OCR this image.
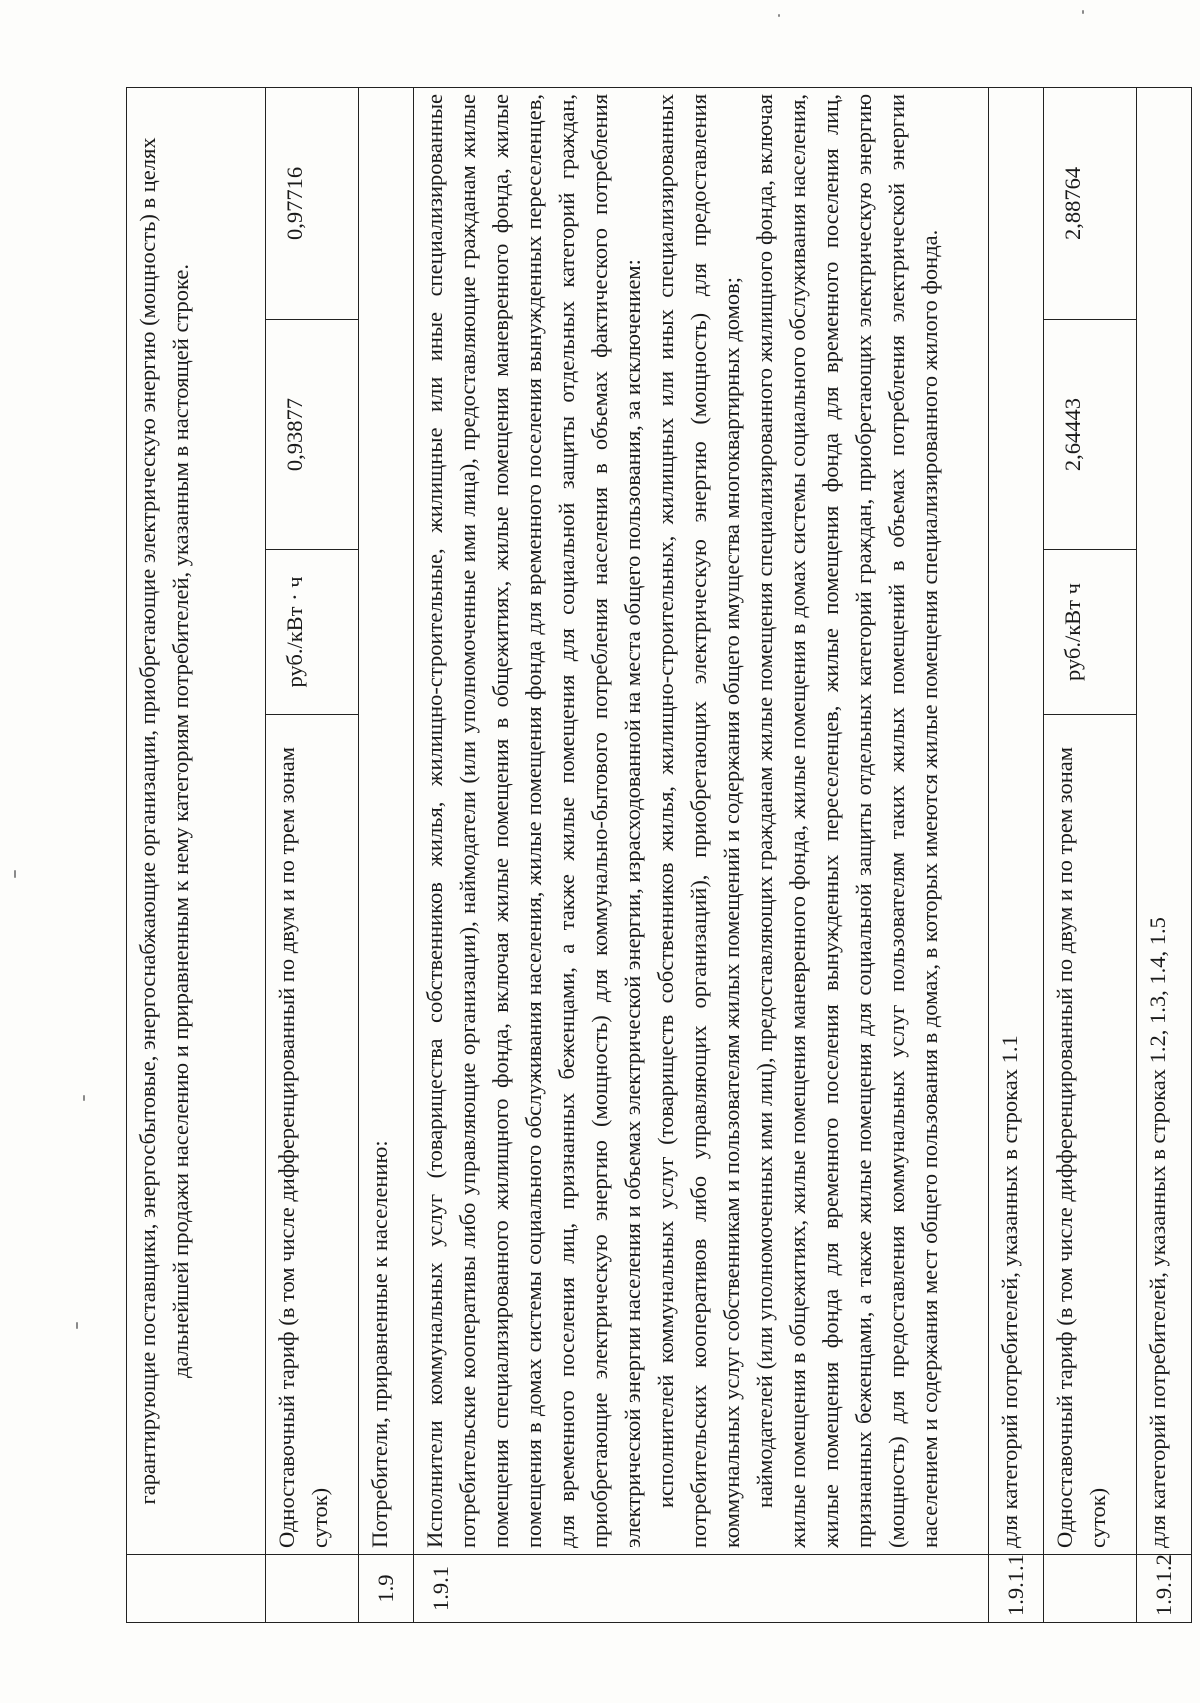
	гарантирующие поставщики, энергосбытовые, энергоснабжающие организации, приобретающие электрическую энергию (мощность) в целях дальнейшей продажи населению и приравненным к нему категориям потребителей, указанным в настоящей строке.			

	Одноставочный тариф (в том числе дифференцированный по двум и по трем зонам суток)	руб./кВт · ч	0,93877	0,97716
1.9	Потребители, приравненные к населению:			
1.9.1	Исполнители коммунальных услуг (товарищества собственников жилья, жилищно-строительные, жилищные или иные специализированные потребительские кооперативы либо управляющие организации), наймодатели (или уполномоченные ими лица), предоставляющие гражданам жилые помещения специализированного жилищного фонда, включая жилые помещения в общежитиях, жилые помещения маневренного фонда, жилые помещения в домах системы социального обслуживания населения, жилые помещения фонда для временного поселения вынужденных переселенцев, для временного поселения лиц, признанных беженцами, а также жилые помещения для социальной защиты отдельных категорий граждан, приобретающие электрическую энергию (мощность) для коммунально-бытового потребления населения в объемах фактического потребления электрической энергии населения и объемах электрической энергии, израсходованной на места общего пользования, за исключением: исполнителей коммунальных услуг (товариществ собственников жилья, жилищно-строительных, жилищных или иных специализированных потребительских кооперативов либо управляющих организаций), приобретающих электрическую энергию (мощность) для предоставления коммунальных услуг собственникам и пользователям жилых помещений и содержания общего имущества многоквартирных домов; наймодателей (или уполномоченных ими лиц), предоставляющих гражданам жилые помещения специализированного жилищного фонда, включая жилые помещения в общежитиях, жилые помещения маневренного фонда, жилые помещения в домах системы социального обслуживания населения, жилые помещения фонда для временного поселения вынужденных переселенцев, жилые помещения фонда для временного поселения лиц, признанных беженцами, а также жилые помещения для социальной защиты отдельных категорий граждан, приобретающих электрическую энергию (мощность) для предоставления коммунальных услуг пользователям таких жилых помещений в объемах потребления электрической энергии населением и содержания мест общего пользования в домах, в которых имеются жилые помещения специализированного жилого фонда.			

1.9.1.1	для категорий потребителей, указанных в строках 1.1			
	Одноставочный тариф (в том числе дифференцированный по двум и по трем зонам суток)	руб./кВт ч	2,64443	2,88764
1.9.1.2	для категорий потребителей, указанных в строках 1.2, 1.3, 1.4, 1.5			
